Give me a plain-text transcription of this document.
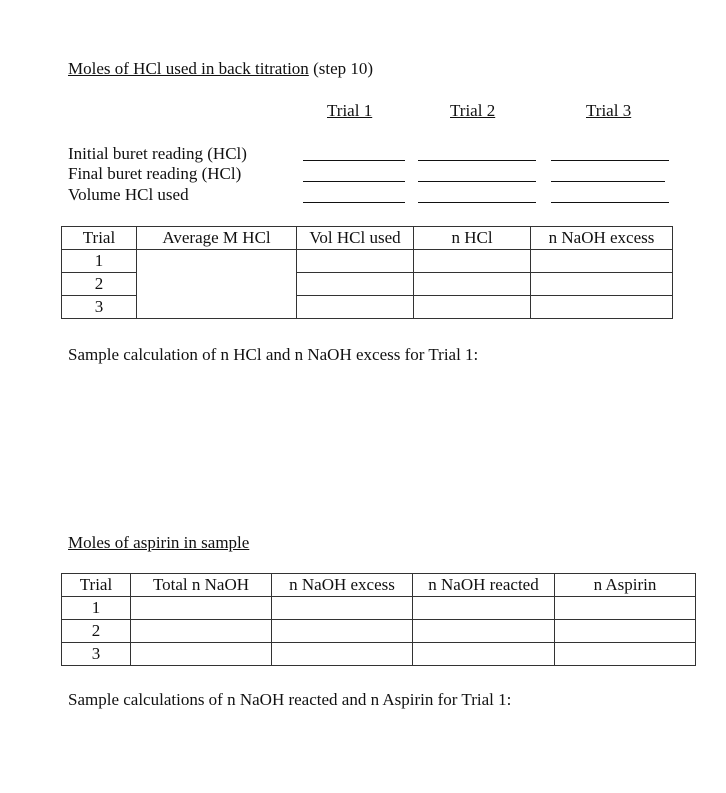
Moles of HCl used in back titration (step 10)
Trial 1	Trial 2	Trial 3
Initial buret reading (HCl)
Final buret reading (HCl)
Volume HCl used
Trial	Average M HCl	Vol HCl used	n HCl	n NaOH excess
1				
2				
3				
Sample calculation of n HCl and n NaOH excess for Trial 1:
Moles of aspirin in sample
Trial	Total n NaOH	n NaOH excess	n NaOH reacted	n Aspirin
1				
2				
3				
Sample calculations of n NaOH reacted and n Aspirin for Trial 1:
